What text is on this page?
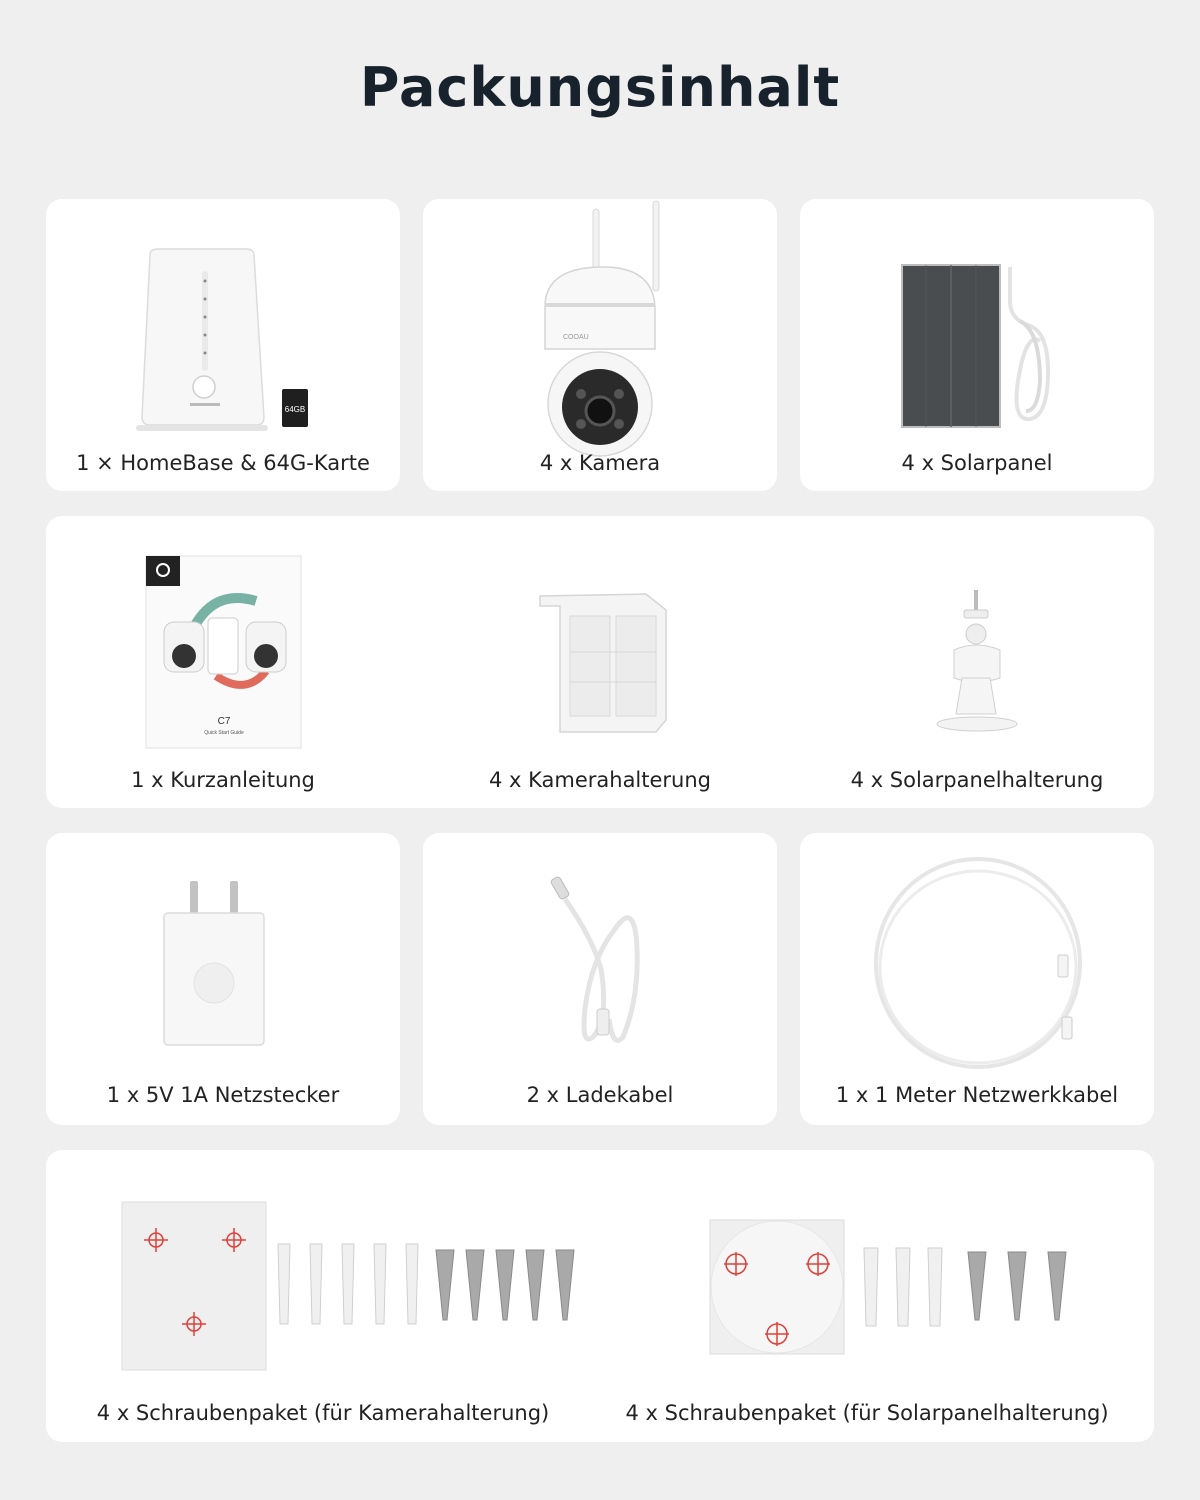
Packungsinhalt
64GB
1 × HomeBase & 64G-Karte
COOAU
4 x Kamera	4 x Solarpanel
C7
Quick Start Guide
1 x Kurzanleitung	4 x Kamerahalterung	4 x Solarpanelhalterung
1 x 5V 1A Netzstecker	2 x Ladekabel	1 x 1 Meter Netzwerkkabel
4 x Schraubenpaket (für Kamerahalterung)	4 x Schraubenpaket (für Solarpanelhalterung)
